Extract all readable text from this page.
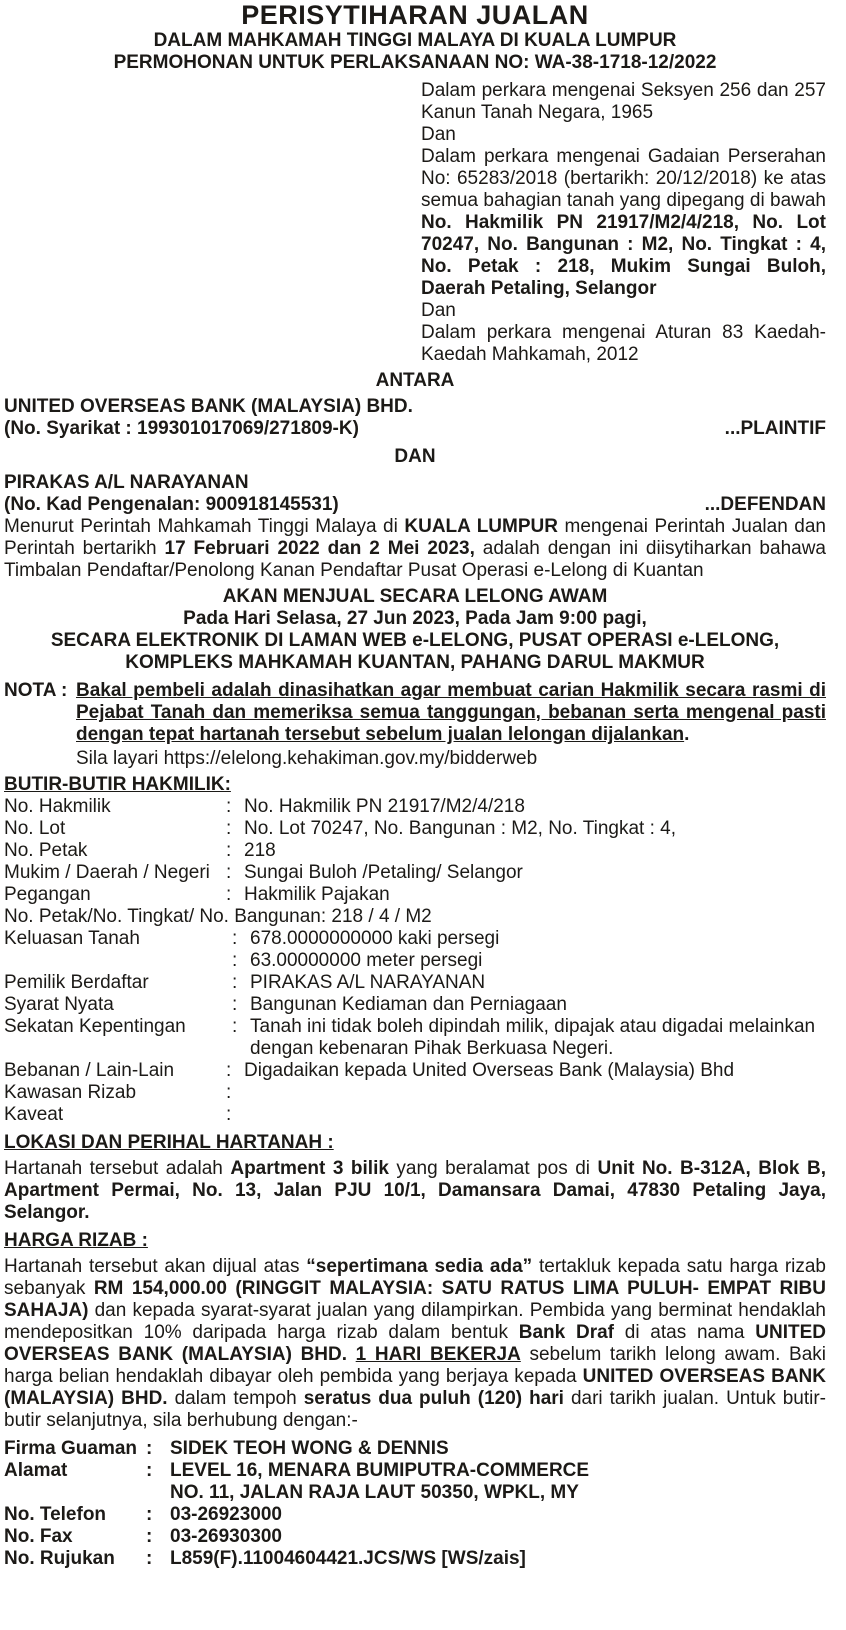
PERISYTIHARAN JUALAN
DALAM MAHKAMAH TINGGI MALAYA DI KUALA LUMPUR
PERMOHONAN UNTUK PERLAKSANAAN NO: WA-38-1718-12/2022

Dalam perkara mengenai Seksyen 256 dan 257 Kanun Tanah Negara, 1965

Dan

Dalam perkara mengenai Gadaian Perserahan No: 65283/2018 (bertarikh: 20/12/2018) ke atas semua bahagian tanah yang dipegang di bawah No. Hakmilik PN 21917/M2/4/218, No. Lot 70247, No. Bangunan : M2, No. Tingkat : 4, No. Petak : 218, Mukim Sungai Buloh, Daerah Petaling, Selangor

Dan

Dalam perkara mengenai Aturan 83 Kaedah-Kaedah Mahkamah, 2012

ANTARA
UNITED OVERSEAS BANK (MALAYSIA) BHD.
(No. Syarikat : 199301017069/271809-K)	...PLAINTIF
DAN
PIRAKAS A/L NARAYANAN
(No. Kad Pengenalan: 900918145531)	...DEFENDAN
Menurut Perintah Mahkamah Tinggi Malaya di KUALA LUMPUR mengenai Perintah Jualan dan Perintah bertarikh 17 Februari 2022 dan 2 Mei 2023, adalah dengan ini diisytiharkan bahawa Timbalan Pendaftar/Penolong Kanan Pendaftar Pusat Operasi e-Lelong di Kuantan
AKAN MENJUAL SECARA LELONG AWAM
Pada Hari Selasa, 27 Jun 2023, Pada Jam 9:00 pagi,
SECARA ELEKTRONIK DI LAMAN WEB e-LELONG, PUSAT OPERASI e-LELONG,
KOMPLEKS MAHKAMAH KUANTAN, PAHANG DARUL MAKMUR
NOTA : Bakal pembeli adalah dinasihatkan agar membuat carian Hakmilik secara rasmi di Pejabat Tanah dan memeriksa semua tanggungan, bebanan serta mengenal pasti dengan tepat hartanah tersebut sebelum jualan lelongan dijalankan.
Sila layari https://elelong.kehakiman.gov.my/bidderweb
BUTIR-BUTIR HAKMILIK:
No. Hakmilik	: No. Hakmilik PN 21917/M2/4/218
No. Lot	: No. Lot 70247, No. Bangunan : M2, No. Tingkat : 4,
No. Petak	: 218
Mukim / Daerah / Negeri : Sungai Buloh /Petaling/ Selangor
Pegangan	: Hakmilik Pajakan
No. Petak/No. Tingkat/ No. Bangunan: 218 / 4 / M2
Keluasan Tanah	: 678.0000000000 kaki persegi
: 63.00000000 meter persegi
Pemilik Berdaftar	: PIRAKAS A/L NARAYANAN
Syarat Nyata	: Bangunan Kediaman dan Perniagaan
Sekatan Kepentingan	: Tanah ini tidak boleh dipindah milik, dipajak atau digadai melainkan dengan kebenaran Pihak Berkuasa Negeri.
Bebanan / Lain-Lain	: Digadaikan kepada United Overseas Bank (Malaysia) Bhd
Kawasan Rizab	:
Kaveat	:
LOKASI DAN PERIHAL HARTANAH :
Hartanah tersebut adalah Apartment 3 bilik yang beralamat pos di Unit No. B-312A, Blok B, Apartment Permai, No. 13, Jalan PJU 10/1, Damansara Damai, 47830 Petaling Jaya, Selangor.
HARGA RIZAB :
Hartanah tersebut akan dijual atas “sepertimana sedia ada” tertakluk kepada satu harga rizab sebanyak RM 154,000.00 (RINGGIT MALAYSIA: SATU RATUS LIMA PULUH- EMPAT RIBU SAHAJA) dan kepada syarat-syarat jualan yang dilampirkan. Pembida yang berminat hendaklah mendepositkan 10% daripada harga rizab dalam bentuk Bank Draf di atas nama UNITED OVERSEAS BANK (MALAYSIA) BHD. 1 HARI BEKERJA sebelum tarikh lelong awam. Baki harga belian hendaklah dibayar oleh pembida yang berjaya kepada UNITED OVERSEAS BANK (MALAYSIA) BHD. dalam tempoh seratus dua puluh (120) hari dari tarikh jualan. Untuk butir-butir selanjutnya, sila berhubung dengan:-
Firma Guaman : SIDEK TEOH WONG & DENNIS
Alamat	: LEVEL 16, MENARA BUMIPUTRA-COMMERCE
NO. 11, JALAN RAJA LAUT 50350, WPKL, MY
No. Telefon	: 03-26923000
No. Fax	: 03-26930300
No. Rujukan	: L859(F).11004604421.JCS/WS [WS/zais]
